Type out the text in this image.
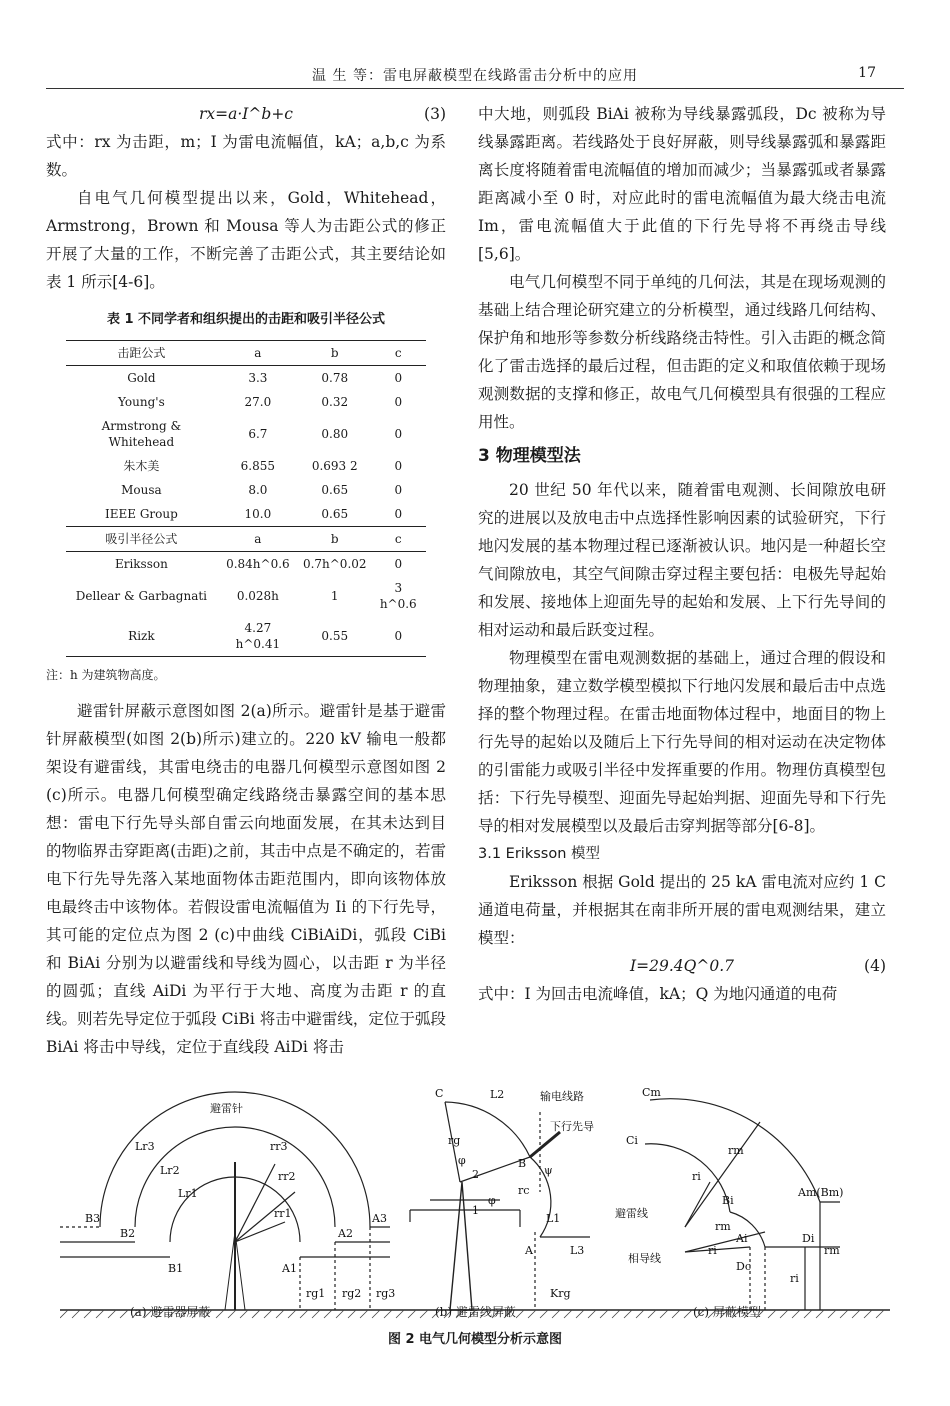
温 生 等：雷电屏蔽模型在线路雷击分析中的应用	17
rx=a·I^b+c	(3)

式中：rx 为击距，m；I 为雷电流幅值，kA；a,b,c 为系数。

自电气几何模型提出以来，Gold，Whitehead，Armstrong，Brown 和 Mousa 等人为击距公式的修正开展了大量的工作，不断完善了击距公式，其主要结论如表 1 所示[4-6]。

表 1 不同学者和组织提出的击距和吸引半径公式
击距公式	a	b	c
Gold	3.3	0.78	0
Young's	27.0	0.32	0
Armstrong & Whitehead	6.7	0.80	0
朱木美	6.855	0.693 2	0
Mousa	8.0	0.65	0
IEEE Group	10.0	0.65	0
吸引半径公式	a	b	c
Eriksson	0.84h^0.6	0.7h^0.02	0
Dellear & Garbagnati	0.028h	1	3 h^0.6
Rizk	4.27 h^0.41	0.55	0
注：h 为建筑物高度。

避雷针屏蔽示意图如图 2(a)所示。避雷针是基于避雷针屏蔽模型(如图 2(b)所示)建立的。220 kV 输电一般都架设有避雷线，其雷电绕击的电器几何模型示意图如图 2 (c)所示。电器几何模型确定线路绕击暴露空间的基本思想：雷电下行先导头部自雷云向地面发展，在其未达到目的物临界击穿距离(击距)之前，其击中点是不确定的，若雷电下行先导先落入某地面物体击距范围内，即向该物体放电最终击中该物体。若假设雷电流幅值为 Ii 的下行先导，其可能的定位点为图 2 (c)中曲线 CiBiAiDi，弧段 CiBi 和 BiAi 分别为以避雷线和导线为圆心，以击距 r 为半径的圆弧；直线 AiDi 为平行于大地、高度为击距 r 的直线。则若先导定位于弧段 CiBi 将击中避雷线，定位于弧段 BiAi 将击中导线，定位于直线段 AiDi 将击

中大地，则弧段 BiAi 被称为导线暴露弧段，Dc 被称为导线暴露距离。若线路处于良好屏蔽，则导线暴露弧和暴露距离长度将随着雷电流幅值的增加而减少；当暴露弧或者暴露距离减小至 0 时，对应此时的雷电流幅值为最大绕击电流 Im，雷电流幅值大于此值的下行先导将不再绕击导线[5,6]。

电气几何模型不同于单纯的几何法，其是在现场观测的基础上结合理论研究建立的分析模型，通过线路几何结构、保护角和地形等参数分析线路绕击特性。引入击距的概念简化了雷击选择的最后过程，但击距的定义和取值依赖于现场观测数据的支撑和修正，故电气几何模型具有很强的工程应用性。

3 物理模型法

20 世纪 50 年代以来，随着雷电观测、长间隙放电研究的进展以及放电击中点选择性影响因素的试验研究，下行地闪发展的基本物理过程已逐渐被认识。地闪是一种超长空气间隙放电，其空气间隙击穿过程主要包括：电极先导起始和发展、接地体上迎面先导的起始和发展、上下行先导间的相对运动和最后跃变过程。

物理模型在雷电观测数据的基础上，通过合理的假设和物理抽象，建立数学模型模拟下行地闪发展和最后击中点选择的整个物理过程。在雷击地面物体过程中，地面目的物上行先导的起始以及随后上下行先导间的相对运动在决定物体的引雷能力或吸引半径中发挥重要的作用。物理仿真模型包括：下行先导模型、迎面先导起始判据、迎面先导和下行先导的相对发展模型以及最后击穿判据等部分[6-8]。

3.1 Eriksson 模型

Eriksson 根据 Gold 提出的 25 kA 雷电流对应约 1 C 通道电荷量，并根据其在南非所开展的雷电观测结果，建立模型：

I=29.4Q^0.7	(4)

式中：I 为回击电流峰值，kA；Q 为地闪通道的电荷

避雷针
Lr3
Lr2
Lr1
rr3
rr2
rr1
B3
B2
B1
A3
A2
A1
rg1 rg2 rg3
C	L2
rg
φ
2
B
ψ
rc
φ
1
L1
A	L3
Krg
输电线路
下行先导
Cm
rm
Ci
ri
Bi
Am(Bm)
Ai	Di
rm
rm
ri
Dc
ri
避雷线
相导线
(a) 避雷器屏蔽	(b) 避雷线屏蔽	(c) 屏蔽模型
图 2 电气几何模型分析示意图
